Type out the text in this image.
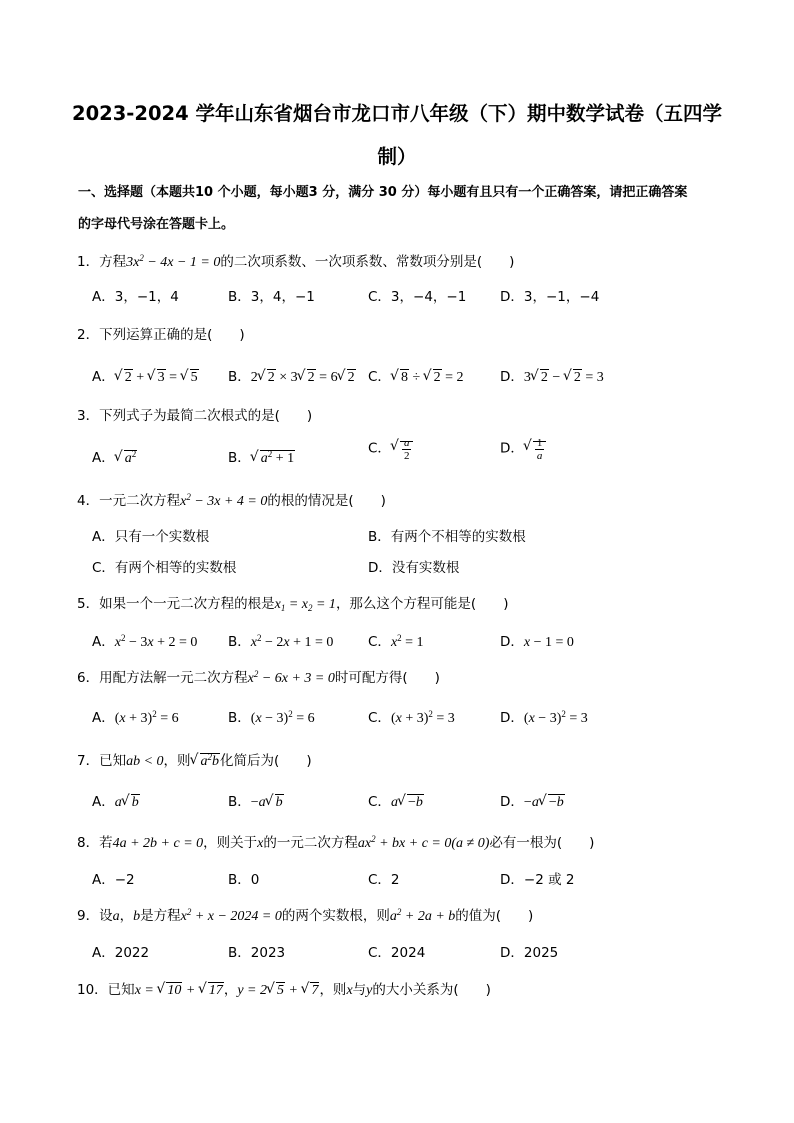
2023-2024 学年山东省烟台市龙口市八年级（下）期中数学试卷（五四学
制）
一、选择题（本题共10 个小题，每小题3 分，满分 30 分）每小题有且只有一个正确答案，请把正确答案
的字母代号涂在答题卡上。
1．方程$3x^2 - 4x - 1 = 0$的二次项系数、一次项系数、常数项分别是(　　)
A．3，−1，4	B．3，4，−1	C．3，−4，−1 D．3，−1，−4
2．下列运算正确的是(　　)
A． √ 2 + √ 3 = √ 5 B．2 √ 2 × 3 √ 2 = 6 √ 2 C． √ 8 ÷ √ 2 = 2	D．3 √ 2 − √ 2 = 3
3．下列式子为最简二次根式的是(　　)
A． √ $a^2$	B． √ $a^2 + 1$
C． √ $\frac{a}{2}$	D． √ $\frac{1}{a}$
4．一元二次方程$x^2 - 3x + 4 = 0$的根的情况是(　　)
A．只有一个实数根	B．有两个不相等的实数根
C．有两个相等的实数根	D．没有实数根
5．如果一个一元二次方程的根是$x_1 = x_2 = 1$，那么这个方程可能是(　　)
A．$x^2 - 3x + 2 = 0$ B．$x^2 - 2x + 1 = 0$	C．$x^2 = 1$	D．x − 1 = 0
6．用配方法解一元二次方程$x^2 - 6x + 3 = 0$时可配方得(　　)
A．$(x + 3)^2 = 6$	B．$(x - 3)^2 = 6$	C．$(x + 3)^2 = 3$	D．$(x - 3)^2 = 3$
7．已知ab < 0，则 √ $a^2b$化简后为(　　)
A．a √ b	B．−a √ b	C．a √ −b	D．−a √ −b
8．若4a + 2b + c = 0，则关于x的一元二次方程$ax^2$ + bx + c = 0(a ≠ 0)必有一根为(　　)
A．−2	B．0	C．2	D．−2 或 2
9．设a，b是方程$x^2 + x - 2024 = 0$的两个实数根，则$a^2 + 2a + b$的值为(　　)
A．2022	B．2023	C．2024	D．2025
10．已知x = √ 10 + √ 17，y = 2 √ 5 + √ 7，则x与y的大小关系为(　　)
